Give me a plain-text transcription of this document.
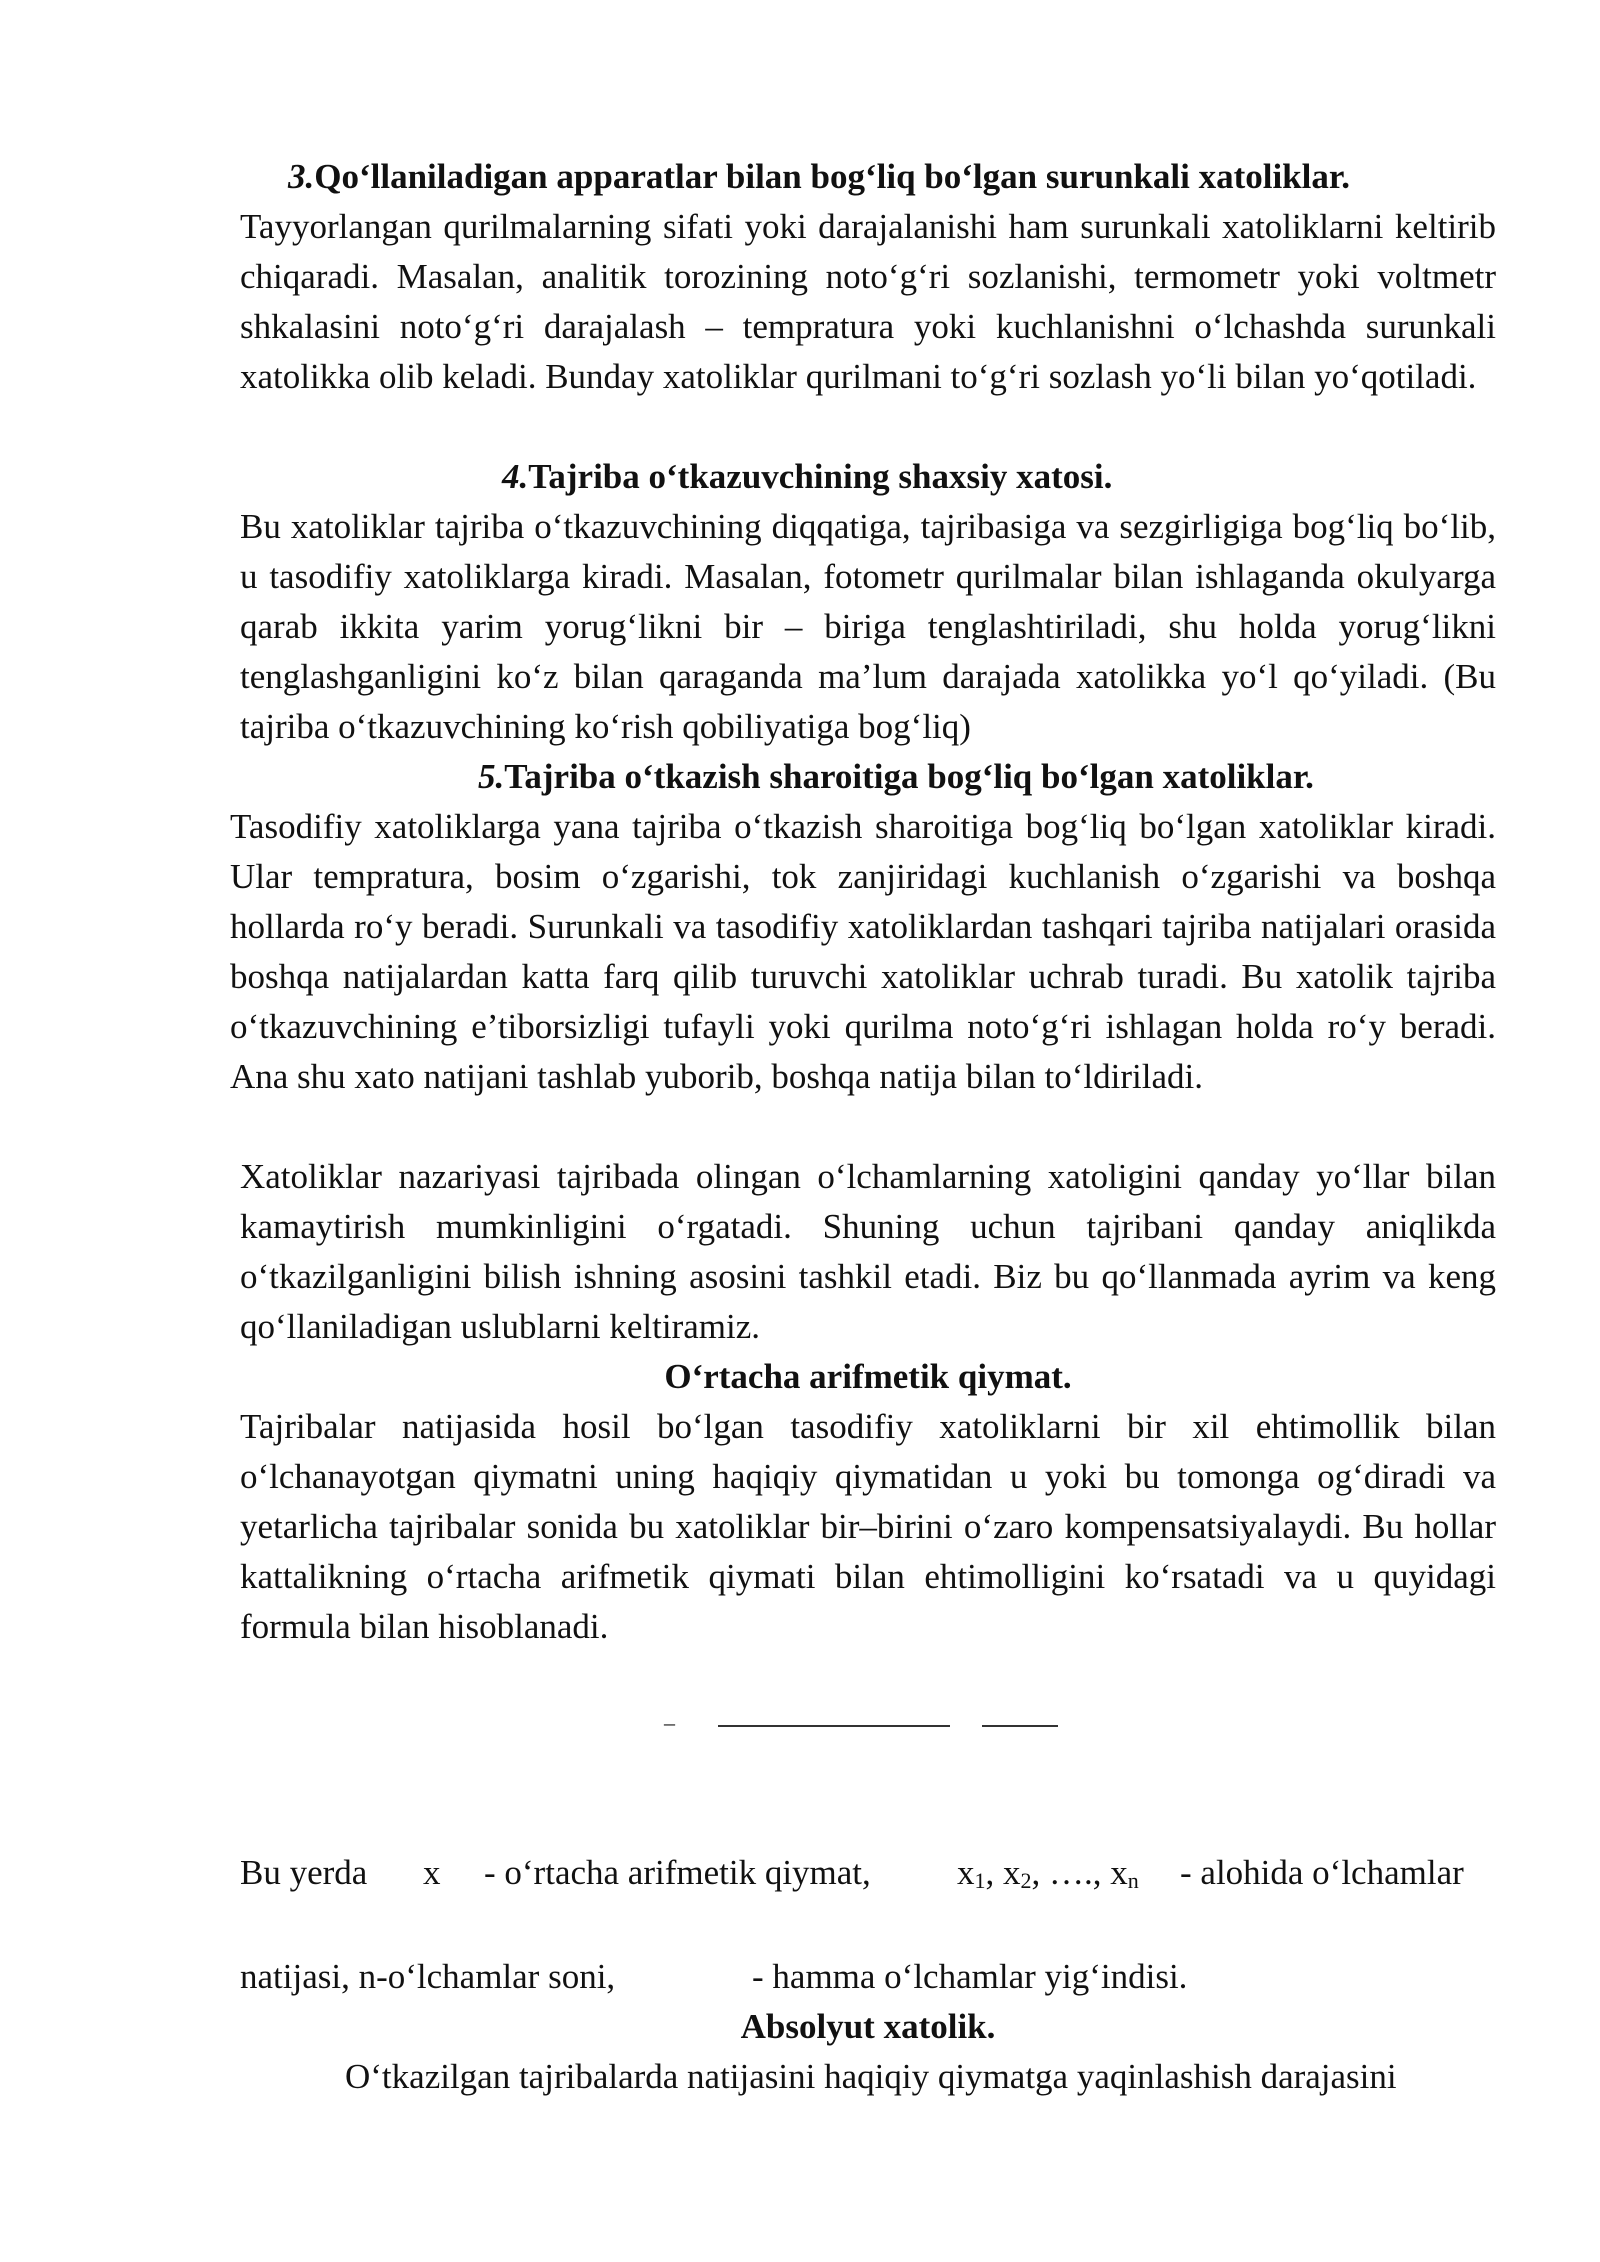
3.Qo‘llaniladigan apparatlar bilan bog‘liq bo‘lgan surunkali xatoliklar.
Tayyorlangan qurilmalarning sifati yoki darajalanishi ham surunkali xatoliklarni keltirib chiqaradi. Masalan, analitik torozining noto‘g‘ri sozlanishi, termometr yoki voltmetr shkalasini noto‘g‘ri darajalash – tempratura yoki kuchlanishni o‘lchashda surunkali xatolikka olib keladi. Bunday xatoliklar qurilmani to‘g‘ri sozlash yo‘li bilan yo‘qotiladi.
4.Tajriba o‘tkazuvchining shaxsiy xatosi.
Bu xatoliklar tajriba o‘tkazuvchining diqqatiga, tajribasiga va sezgirligiga bog‘liq bo‘lib, u tasodifiy xatoliklarga kiradi. Masalan, fotometr qurilmalar bilan ishlaganda okulyarga qarab ikkita yarim yorug‘likni bir – biriga tenglashtiriladi, shu holda yorug‘likni tenglashganligini ko‘z bilan qaraganda ma’lum darajada xatolikka yo‘l qo‘yiladi. (Bu tajriba o‘tkazuvchining ko‘rish qobiliyatiga bog‘liq)
5.Tajriba o‘tkazish sharoitiga bog‘liq bo‘lgan xatoliklar.
Tasodifiy xatoliklarga yana tajriba o‘tkazish sharoitiga bog‘liq bo‘lgan xatoliklar kiradi. Ular tempratura, bosim o‘zgarishi, tok zanjiridagi kuchlanish o‘zgarishi va boshqa hollarda ro‘y beradi. Surunkali va tasodifiy xatoliklardan tashqari tajriba natijalari orasida boshqa natijalardan katta farq qilib turuvchi xatoliklar uchrab turadi. Bu xatolik tajriba o‘tkazuvchining e’tiborsizligi tufayli yoki qurilma noto‘g‘ri ishlagan holda ro‘y beradi. Ana shu xato natijani tashlab yuborib, boshqa natija bilan to‘ldiriladi.
Xatoliklar nazariyasi tajribada olingan o‘lchamlarning xatoligini qanday yo‘llar bilan kamaytirish mumkinligini o‘rgatadi. Shuning uchun tajribani qanday aniqlikda o‘tkazilganligini bilish ishning asosini tashkil etadi. Biz bu qo‘llanmada ayrim va keng qo‘llaniladigan uslublarni keltiramiz.
O‘rtacha arifmetik qiymat.
Tajribalar natijasida hosil bo‘lgan tasodifiy xatoliklarni bir xil ehtimollik bilan o‘lchanayotgan qiymatni uning haqiqiy qiymatidan u yoki bu tomonga og‘diradi va yetarlicha tajribalar sonida bu xatoliklar bir–birini o‘zaro kompensatsiyalaydi. Bu hollar kattalikning o‘rtacha arifmetik qiymati bilan ehtimolligini ko‘rsatadi va u quyidagi formula bilan hisoblanadi.
–
Bu yerda x - o‘rtacha arifmetik qiymat, $x_1$, $x_2$, …., $x_n$ - alohida o‘lchamlar
natijasi, n-o‘lchamlar soni,	- hamma o‘lchamlar yig‘indisi.
Absolyut xatolik.
O‘tkazilgan tajribalarda natijasini haqiqiy qiymatga yaqinlashish darajasini
